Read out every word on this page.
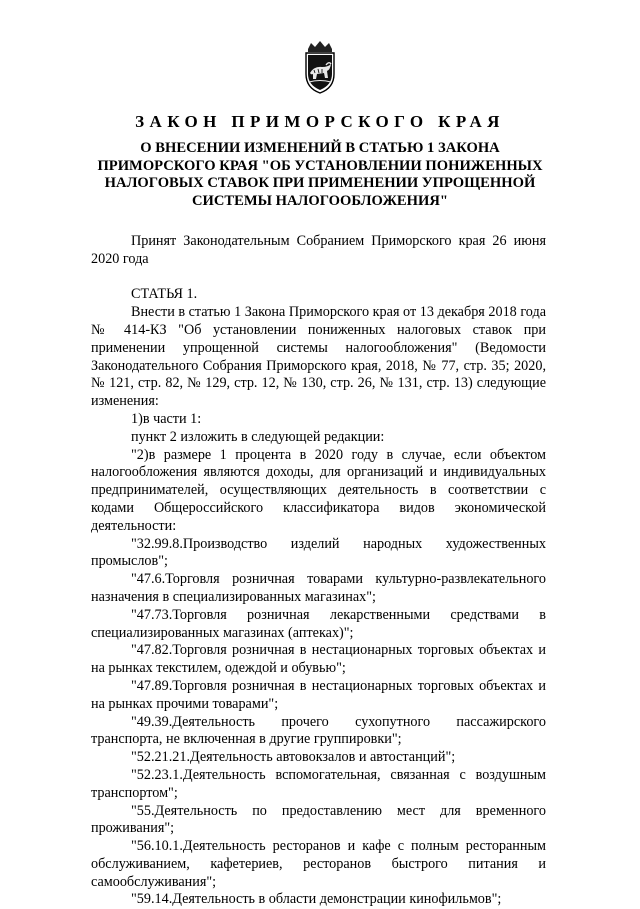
ЗАКОН ПРИМОРСКОГО КРАЯ
О ВНЕСЕНИИ ИЗМЕНЕНИЙ В СТАТЬЮ 1 ЗАКОНА
ПРИМОРСКОГО КРАЯ "ОБ УСТАНОВЛЕНИИ ПОНИЖЕННЫХ
НАЛОГОВЫХ СТАВОК ПРИ ПРИМЕНЕНИИ УПРОЩЕННОЙ
СИСТЕМЫ НАЛОГООБЛОЖЕНИЯ"

Принят Законодательным Собранием Приморского края 26 июня 2020 года

СТАТЬЯ 1.

Внести в статью 1 Закона Приморского края от 13 декабря 2018 года № 414-КЗ "Об установлении пониженных налоговых ставок при применении упрощенной системы налогообложения" (Ведомости Законодательного Собрания Приморского края, 2018, № 77, стр. 35; 2020, № 121, стр. 82, № 129, стр. 12, № 130, стр. 26, № 131, стр. 13) следующие изменения:

1)в части 1:
пункт 2 изложить в следующей редакции:

"2)в размере 1 процента в 2020 году в случае, если объектом налогообложения являются доходы, для организаций и индивидуальных предпринимателей, осуществляющих деятельность в соответствии с кодами Общероссийского классификатора видов экономической деятельности:

"32.99.8.Производство изделий народных художественных промыслов";

"47.6.Торговля розничная товарами культурно-развлекательного назначения в специализированных магазинах";

"47.73.Торговля розничная лекарственными средствами в специализированных магазинах (аптеках)";

"47.82.Торговля розничная в нестационарных торговых объектах и на рынках текстилем, одеждой и обувью";

"47.89.Торговля розничная в нестационарных торговых объектах и на рынках прочими товарами";

"49.39.Деятельность прочего сухопутного пассажирского транспорта, не включенная в другие группировки";

"52.21.21.Деятельность автовокзалов и автостанций";

"52.23.1.Деятельность вспомогательная, связанная с воздушным транспортом";

"55.Деятельность по предоставлению мест для временного проживания";

"56.10.1.Деятельность ресторанов и кафе с полным ресторанным обслуживанием, кафетериев, ресторанов быстрого питания и самообслуживания";

"59.14.Деятельность в области демонстрации кинофильмов";
